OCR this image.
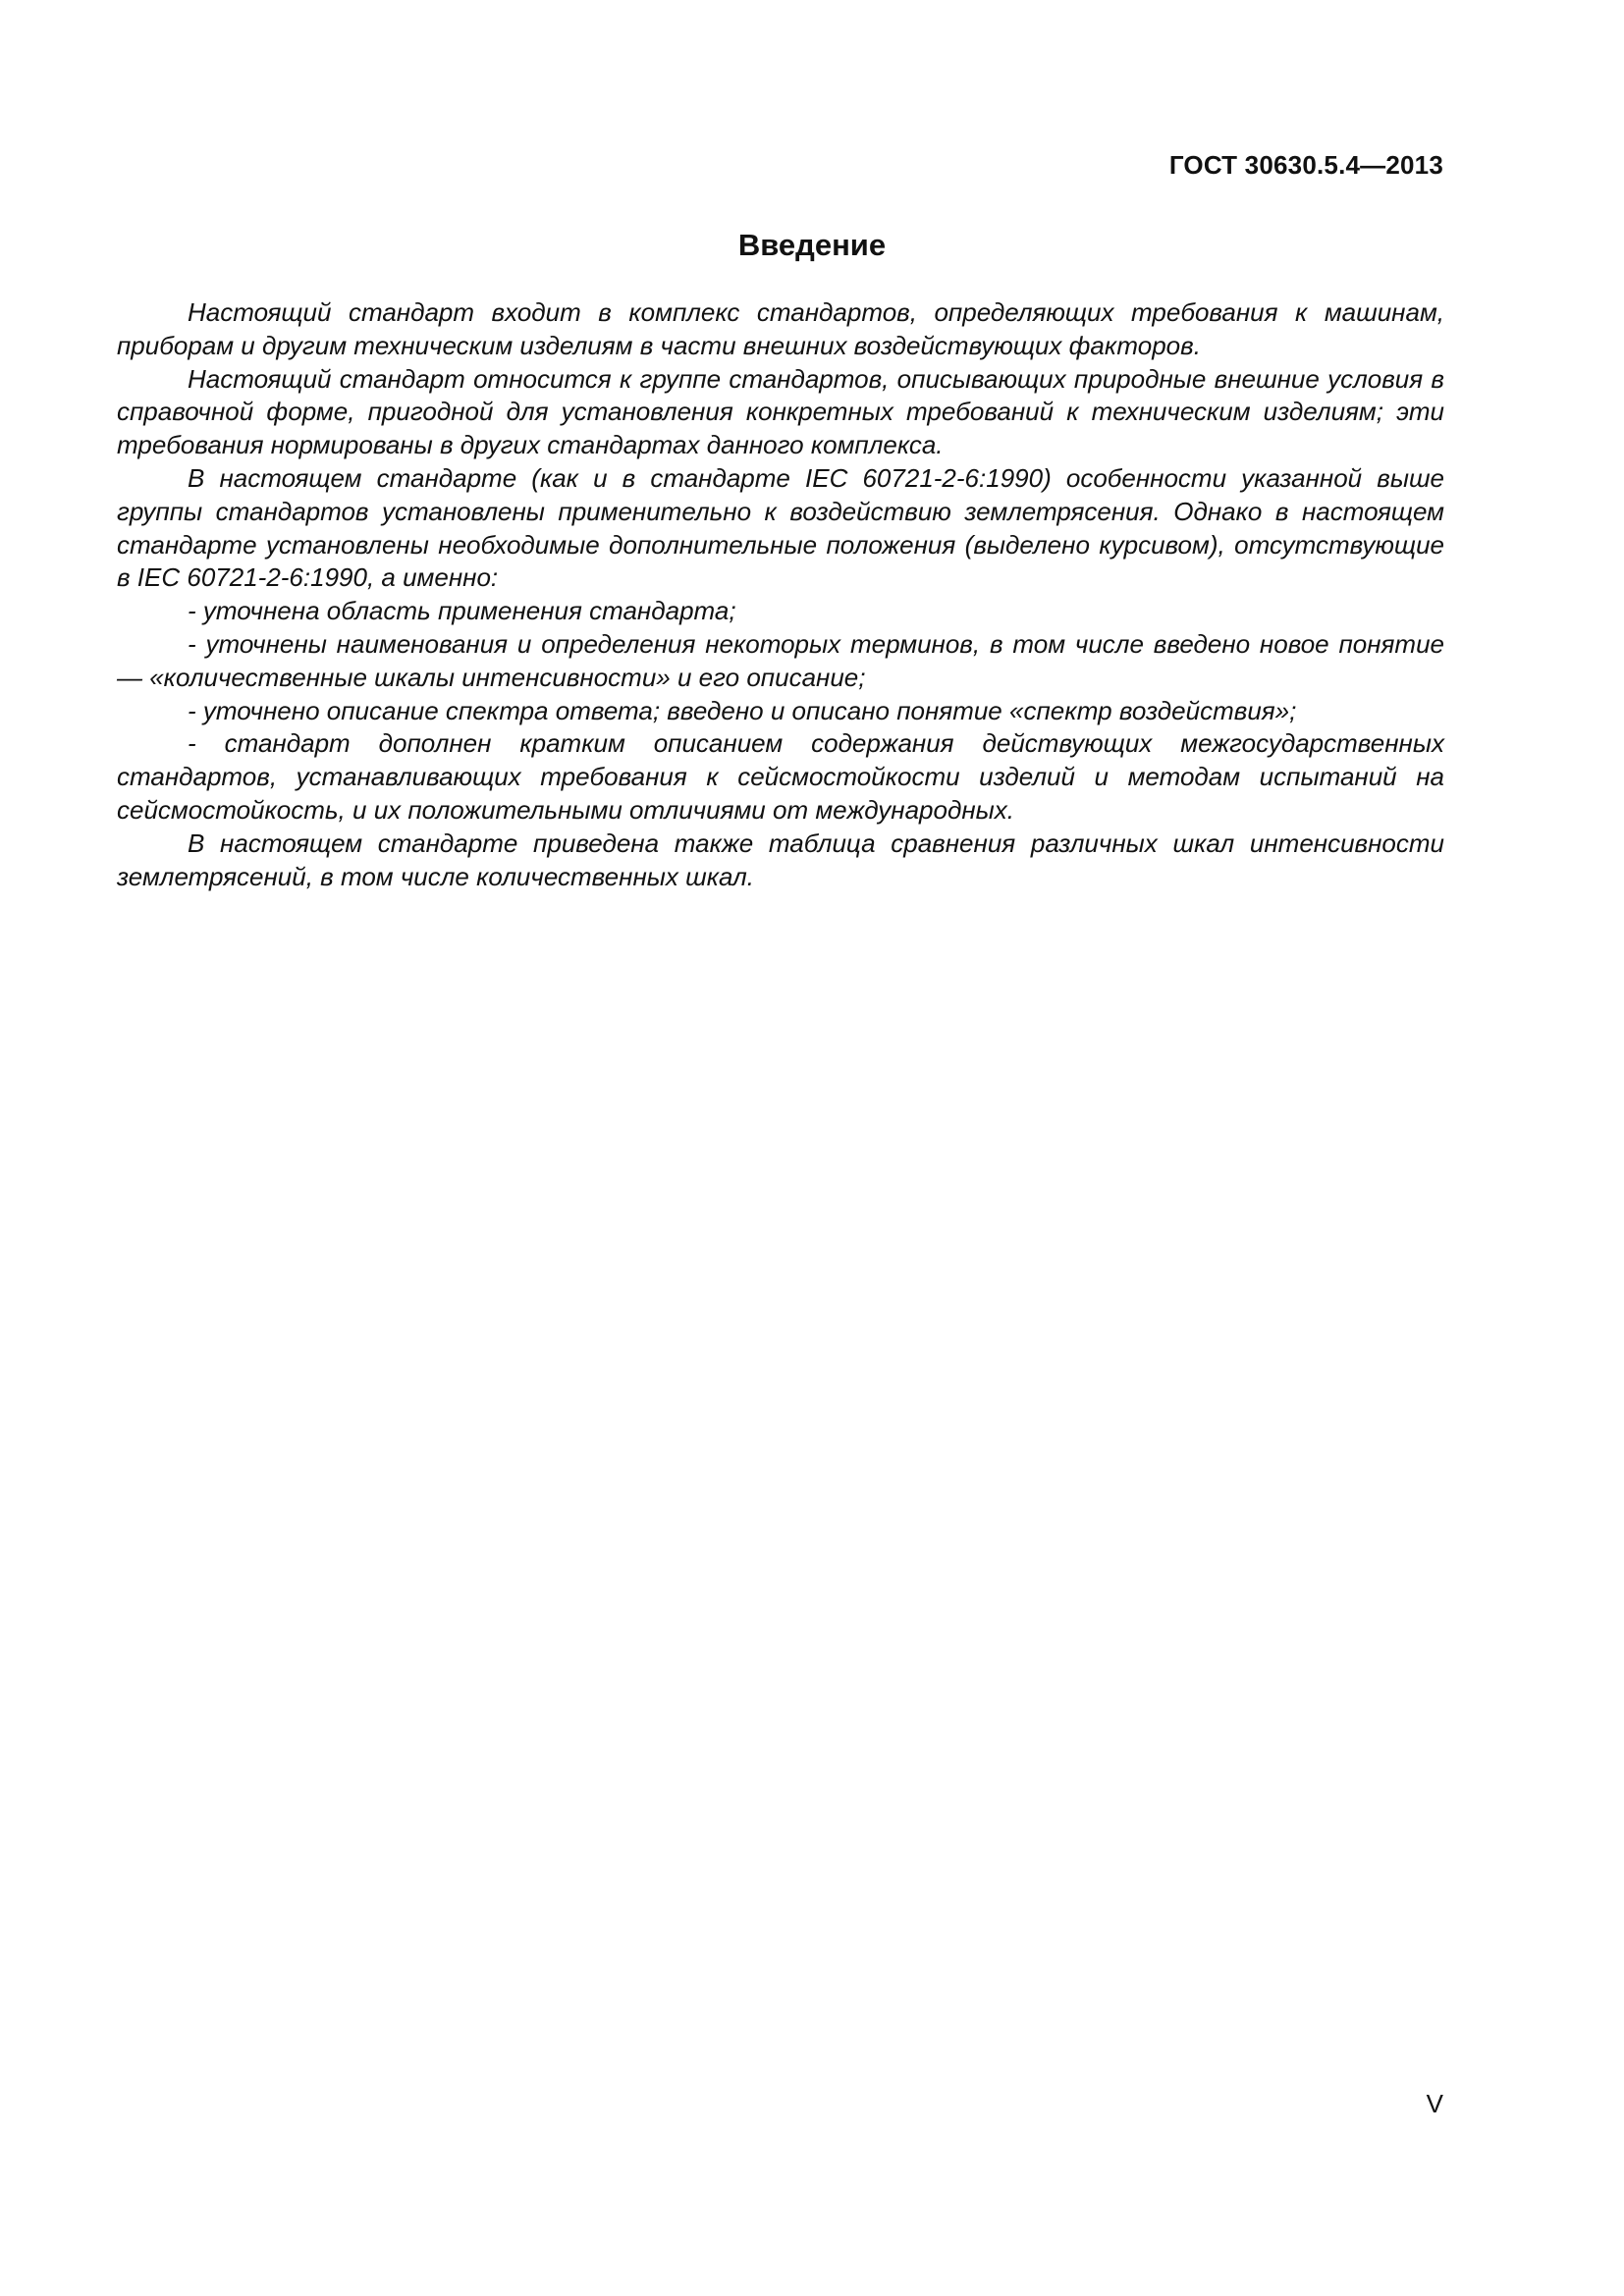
ГОСТ 30630.5.4—2013
Введение

Настоящий стандарт входит в комплекс стандартов, определяющих требования к машинам, приборам и другим техническим изделиям в части внешних воздействующих факторов.

Настоящий стандарт относится к группе стандартов, описывающих природные внешние условия в справочной форме, пригодной для установления конкретных требований к техническим изделиям; эти требования нормированы в других стандартах данного комплекса.

В настоящем стандарте (как и в стандарте IEC 60721-2-6:1990) особенности указанной выше группы стандартов установлены применительно к воздействию землетрясения. Однако в настоящем стандарте установлены необходимые дополнительные положения (выделено курсивом), отсутствующие в IEC 60721-2-6:1990, а именно:

- уточнена область применения стандарта;

- уточнены наименования и определения некоторых терминов, в том числе введено новое понятие — «количественные шкалы интенсивности» и его описание;

- уточнено описание спектра ответа; введено и описано понятие «спектр воздействия»;

- стандарт дополнен кратким описанием содержания действующих межгосударственных стандартов, устанавливающих требования к сейсмостойкости изделий и методам испытаний на сейсмостойкость, и их положительными отличиями от международных.

В настоящем стандарте приведена также таблица сравнения различных шкал интенсивности землетрясений, в том числе количественных шкал.

V
